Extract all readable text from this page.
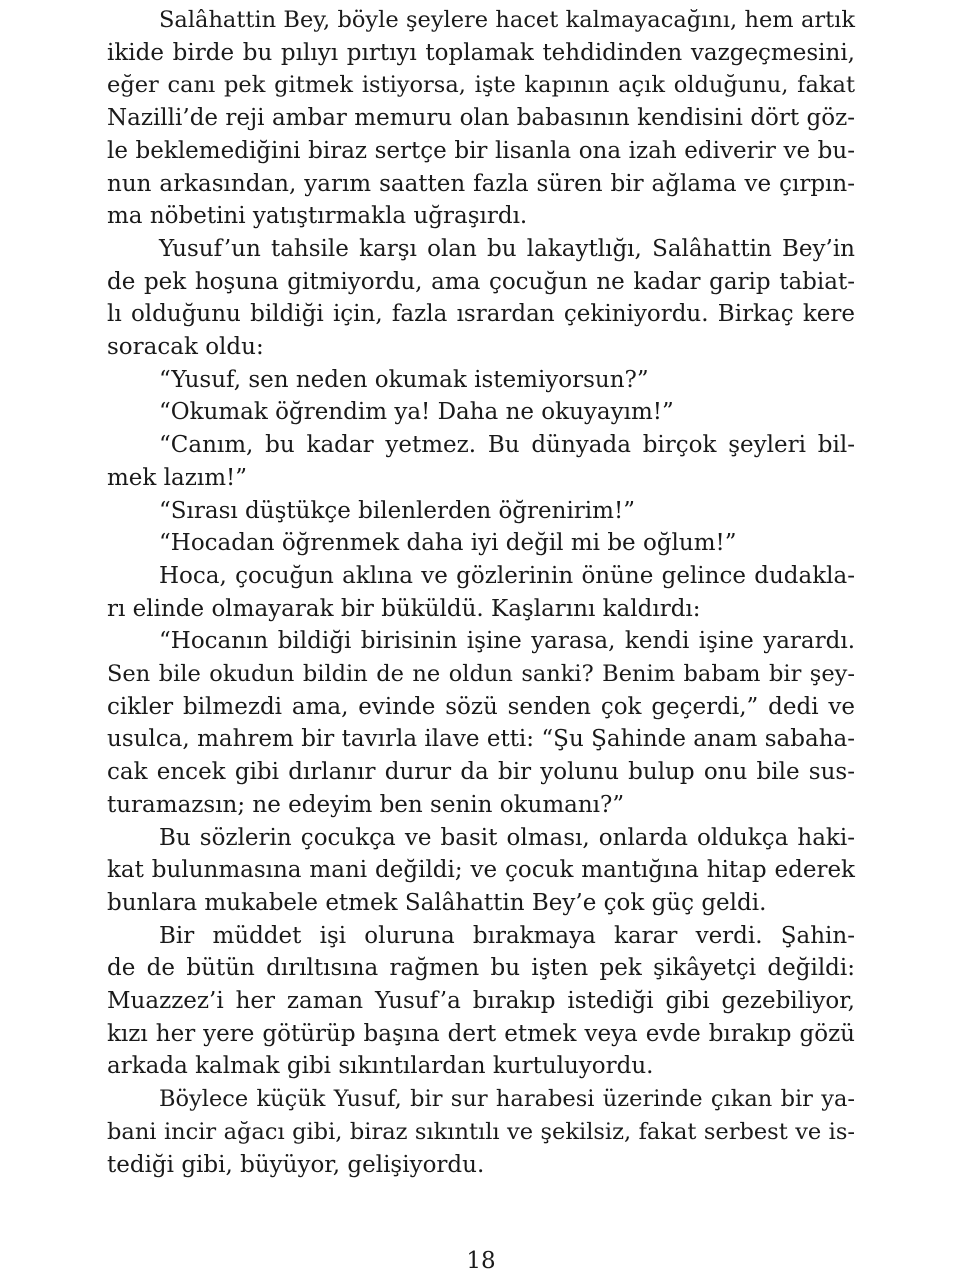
Salâhattin Bey, böyle şeylere hacet kalmayacağını, hem artık
ikide birde bu pılıyı pırtıyı toplamak tehdidinden vazgeçmesini,
eğer canı pek gitmek istiyorsa, işte kapının açık olduğunu, fakat
Nazilli’de reji ambar memuru olan babasının kendisini dört göz-
le beklemediğini biraz sertçe bir lisanla ona izah ediverir ve bu-
nun arkasından, yarım saatten fazla süren bir ağlama ve çırpın-
ma nöbetini yatıştırmakla uğraşırdı.
Yusuf’un tahsile karşı olan bu lakaytlığı, Salâhattin Bey’in
de pek hoşuna gitmiyordu, ama çocuğun ne kadar garip tabiat-
lı olduğunu bildiği için, fazla ısrardan çekiniyordu. Birkaç kere
soracak oldu:
“Yusuf, sen neden okumak istemiyorsun?”
“Okumak öğrendim ya! Daha ne okuyayım!”
“Canım, bu kadar yetmez. Bu dünyada birçok şeyleri bil-
mek lazım!”
“Sırası düştükçe bilenlerden öğrenirim!”
“Hocadan öğrenmek daha iyi değil mi be oğlum!”
Hoca, çocuğun aklına ve gözlerinin önüne gelince dudakla-
rı elinde olmayarak bir büküldü. Kaşlarını kaldırdı:
“Hocanın bildiği birisinin işine yarasa, kendi işine yarardı.
Sen bile okudun bildin de ne oldun sanki? Benim babam bir şey-
cikler bilmezdi ama, evinde sözü senden çok geçerdi,” dedi ve
usulca, mahrem bir tavırla ilave etti: “Şu Şahinde anam sabaha-
cak encek gibi dırlanır durur da bir yolunu bulup onu bile sus-
turamazsın; ne edeyim ben senin okumanı?”
Bu sözlerin çocukça ve basit olması, onlarda oldukça haki-
kat bulunmasına mani değildi; ve çocuk mantığına hitap ederek
bunlara mukabele etmek Salâhattin Bey’e çok güç geldi.
Bir müddet işi oluruna bırakmaya karar verdi. Şahin-
de de bütün dırıltısına rağmen bu işten pek şikâyetçi değildi:
Muazzez’i her zaman Yusuf’a bırakıp istediği gibi gezebiliyor,
kızı her yere götürüp başına dert etmek veya evde bırakıp gözü
arkada kalmak gibi sıkıntılardan kurtuluyordu.
Böylece küçük Yusuf, bir sur harabesi üzerinde çıkan bir ya-
bani incir ağacı gibi, biraz sıkıntılı ve şekilsiz, fakat serbest ve is-
tediği gibi, büyüyor, gelişiyordu.
18
